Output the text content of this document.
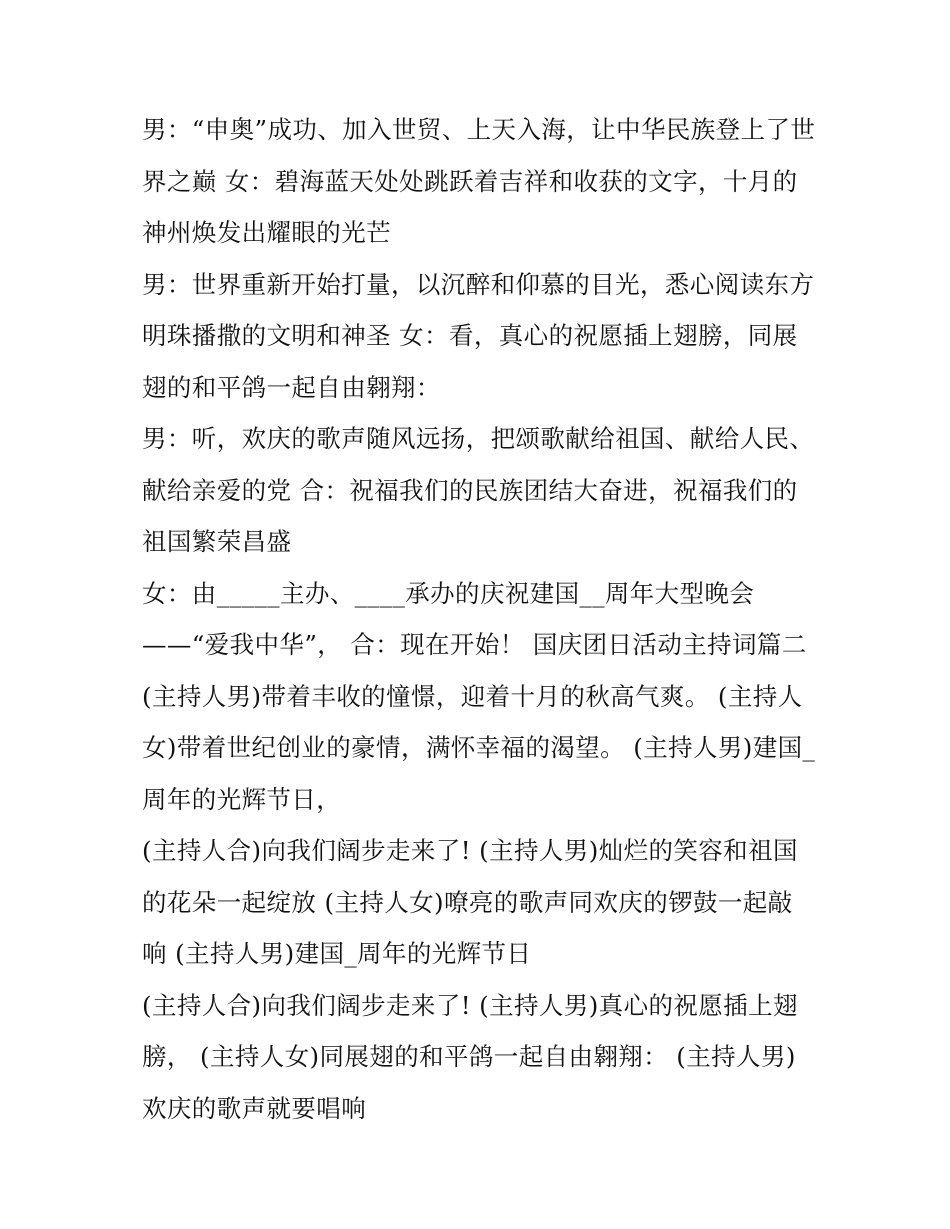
男：“申奥”成功、加入世贸、上天入海，让中华民族登上了世
界之巅 女：碧海蓝天处处跳跃着吉祥和收获的文字，十月的
神州焕发出耀眼的光芒
男：世界重新开始打量，以沉醉和仰慕的目光，悉心阅读东方
明珠播撒的文明和神圣 女：看，真心的祝愿插上翅膀，同展
翅的和平鸽一起自由翱翔：
男：听，欢庆的歌声随风远扬，把颂歌献给祖国、献给人民、
献给亲爱的党 合：祝福我们的民族团结大奋进，祝福我们的
祖国繁荣昌盛
女：由_____主办、____承办的庆祝建国__周年大型晚会
——“爱我中华”， 合：现在开始！ 国庆团日活动主持词篇二
(主持人男)带着丰收的憧憬，迎着十月的秋高气爽。 (主持人
女)带着世纪创业的豪情，满怀幸福的渴望。 (主持人男)建国_
周年的光辉节日，
(主持人合)向我们阔步走来了! (主持人男)灿烂的笑容和祖国
的花朵一起绽放 (主持人女)嘹亮的歌声同欢庆的锣鼓一起敲
响 (主持人男)建国_周年的光辉节日
(主持人合)向我们阔步走来了! (主持人男)真心的祝愿插上翅
膀， (主持人女)同展翅的和平鸽一起自由翱翔： (主持人男)
欢庆的歌声就要唱响
